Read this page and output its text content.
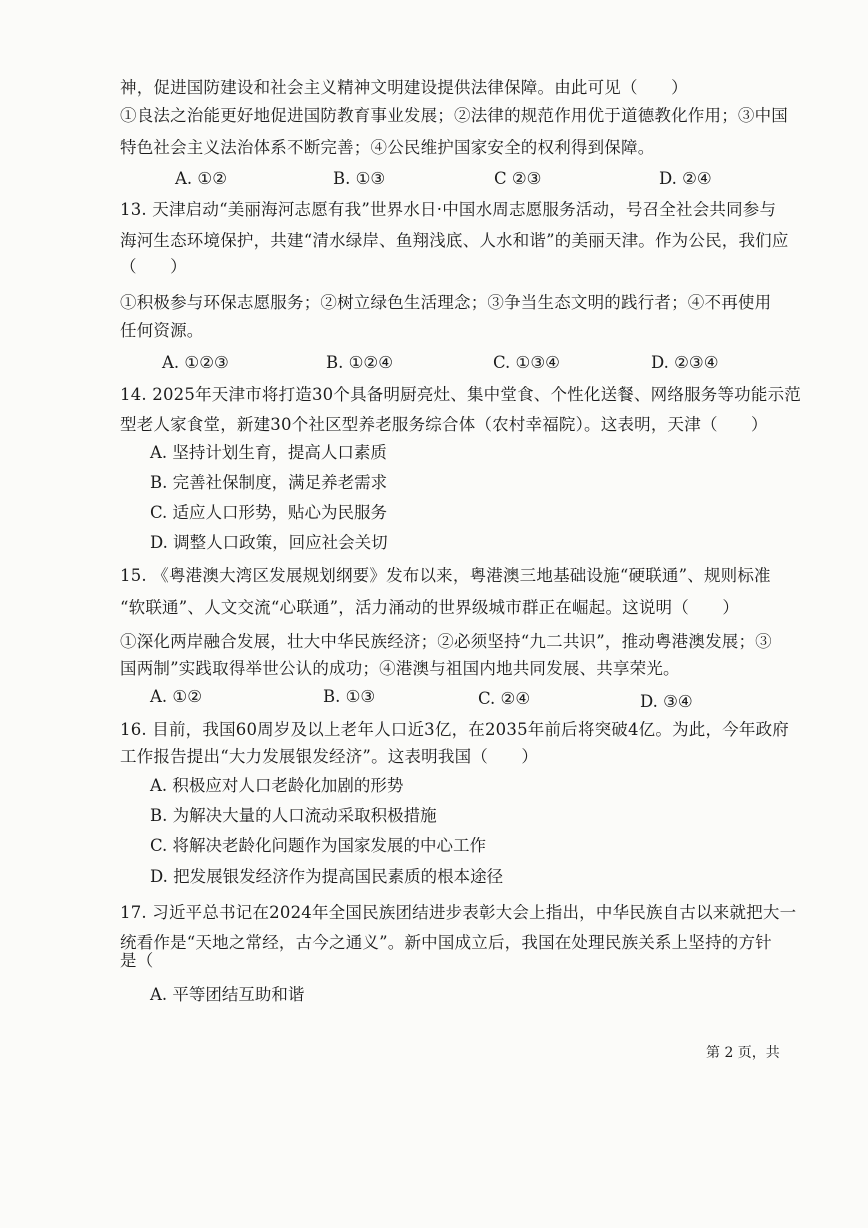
神，促进国防建设和社会主义精神文明建设提供法律保障。由此可见（　　）
①良法之治能更好地促进国防教育事业发展；②法律的规范作用优于道德教化作用；③中国
特色社会主义法治体系不断完善；④公民维护国家安全的权利得到保障。
A. ①②	B. ①③	C ②③	D. ②④
13. 天津启动“美丽海河志愿有我”世界水日·中国水周志愿服务活动，号召全社会共同参与
海河生态环境保护，共建“清水绿岸、鱼翔浅底、人水和谐”的美丽天津。作为公民，我们应
（　　）
①积极参与环保志愿服务；②树立绿色生活理念；③争当生态文明的践行者；④不再使用
任何资源。
A. ①②③	B. ①②④	C. ①③④	D. ②③④
14. 2025年天津市将打造30个具备明厨亮灶、集中堂食、个性化送餐、网络服务等功能示范
型老人家食堂，新建30个社区型养老服务综合体（农村幸福院）。这表明，天津（　　）
A. 坚持计划生育，提高人口素质
B. 完善社保制度，满足养老需求
C. 适应人口形势，贴心为民服务
D. 调整人口政策，回应社会关切
15. 《粤港澳大湾区发展规划纲要》发布以来，粤港澳三地基础设施“硬联通”、规则标准
“软联通”、人文交流“心联通”，活力涌动的世界级城市群正在崛起。这说明（　　）
①深化两岸融合发展，壮大中华民族经济；②必须坚持“九二共识”，推动粤港澳发展；③
国两制”实践取得举世公认的成功；④港澳与祖国内地共同发展、共享荣光。
A. ①②	B. ①③	C. ②④	D. ③④
16. 目前，我国60周岁及以上老年人口近3亿，在2035年前后将突破4亿。为此，今年政府
工作报告提出“大力发展银发经济”。这表明我国（　　）
A. 积极应对人口老龄化加剧的形势
B. 为解决大量的人口流动采取积极措施
C. 将解决老龄化问题作为国家发展的中心工作
D. 把发展银发经济作为提高国民素质的根本途径
17. 习近平总书记在2024年全国民族团结进步表彰大会上指出，中华民族自古以来就把大一
统看作是“天地之常经，古今之通义”。新中国成立后，我国在处理民族关系上坚持的方针
是（
A. 平等团结互助和谐
第 2 页，共
